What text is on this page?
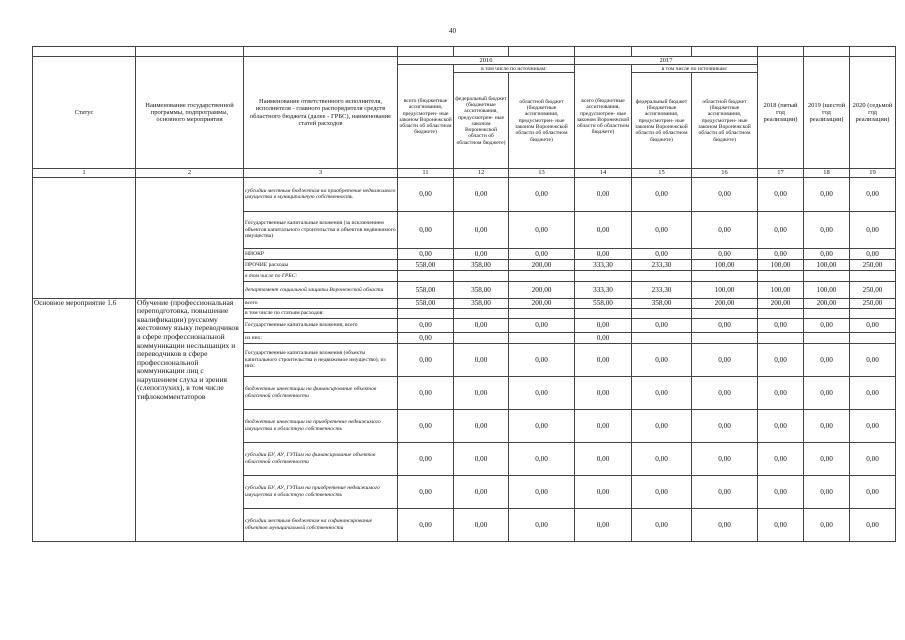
40

Статус	Наименование государственной программы, подпрограммы, основного мероприятия	Наименование ответственного исполнителя, исполнителя - главного распорядителя средств областного бюджета (далее - ГРБС), наименование статей расходов	2016			2017			2018 (пятый год реализации)	2019 (шестой год реализации)	2020 (седьмой год реализации)
			всего (бюджетные ассигнования, предусмотрен- ные законом Воронежской области об областном бюджете)	в том числе по источникам:		всего (бюджетные ассигнования, предусмотрен- ные законом Воронежской области об областном бюджете)	в том числе по источникам:				
				федеральный бюджет (бюджетные ассигнования, предусмотрен- ные законом Воронежской области об областном бюджете)	областной бюджет (бюджетные ассигнования, предусмотрен- ные законом Воронежской области об областном бюджете)		федеральный бюджет (бюджетные ассигнования, предусмотрен- ные законом Воронежской области об областном бюджете)	областной бюджет (бюджетные ассигнования, предусмотрен- ные законом Воронежской области об областном бюджете)			
1	2	3	11	12	13	14	15	16	17	18	19
		субсидии местным бюджетам на приобретение недвижимого имущества в муниципальную собственность	0,00	0,00	0,00	0,00	0,00	0,00	0,00	0,00	0,00
		Государственные капитальные вложения (за исключением объектов капитального строительства и объектов недвижимого имущества)	0,00	0,00	0,00	0,00	0,00	0,00	0,00	0,00	0,00
		НИОКР	0,00	0,00	0,00	0,00	0,00	0,00	0,00	0,00	0,00
		ПРОЧИЕ расходы	558,00	358,00	200,00	333,30	233,30	100,00	100,00	100,00	250,00
		в том числе по ГРБС:									
		департамент социальной защиты Воронежской области	558,00	358,00	200,00	333,30	233,30	100,00	100,00	100,00	250,00
Основное мероприятие 1.6	Обучение (профессиональная переподготовка, повышение квалификации) русскому жестовому языку переводчиков в сфере профессиональной коммуникации неслышащих и переводчиков в сфере профессиональной коммуникации лиц с нарушением слуха и зрения (слепоглухих), в том числе тифлокомментаторов	всего	558,00	358,00	200,00	558,00	358,00	200,00	200,00	200,00	250,00
		в том числе по статьям расходов:									
		Государственные капитальные вложения, всего	0,00	0,00	0,00	0,00	0,00	0,00	0,00	0,00	0,00
		из них:	0,00			0,00					
		Государственные капитальные вложения (объекты капитального строительства и недвижимое имущество), из них:	0,00	0,00	0,00	0,00	0,00	0,00	0,00	0,00	0,00
		бюджетные инвестиции на финансирование объектов областной собственности	0,00	0,00	0,00	0,00	0,00	0,00	0,00	0,00	0,00
		бюджетные инвестиции на приобретение недвижимого имущества в областную собственность	0,00	0,00	0,00	0,00	0,00	0,00	0,00	0,00	0,00
		субсидии БУ, АУ, ГУПам на финансирование объектов областной собственности	0,00	0,00	0,00	0,00	0,00	0,00	0,00	0,00	0,00
		субсидии БУ, АУ, ГУПам на приобретение недвижимого имущества в областную собственность	0,00	0,00	0,00	0,00	0,00	0,00	0,00	0,00	0,00
		субсидии местным бюджетам на софинансирование объектов муниципальной собственности	0,00	0,00	0,00	0,00	0,00	0,00	0,00	0,00	0,00
